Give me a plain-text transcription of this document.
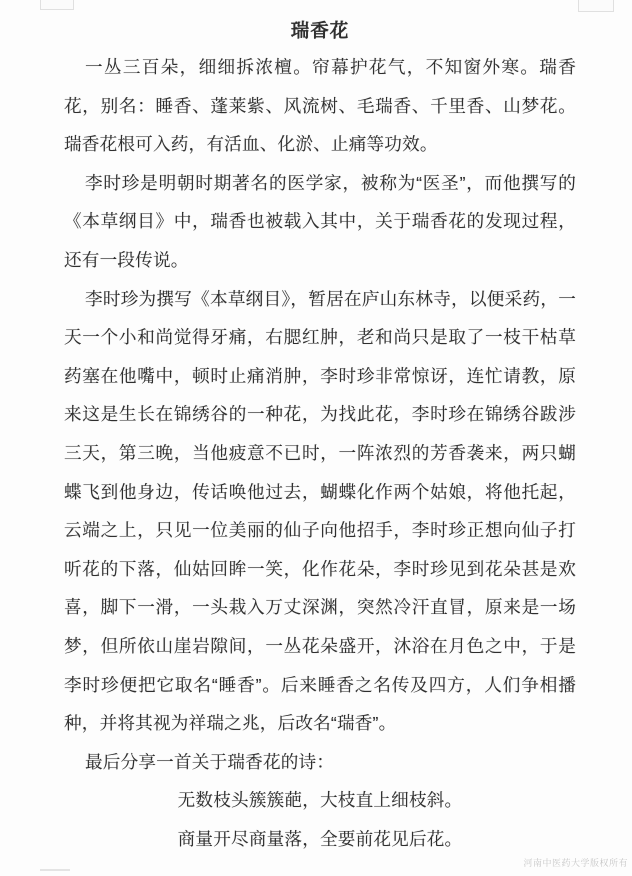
瑞香花

一丛三百朵，细细拆浓檀。帘幕护花气，不知窗外寒。瑞香花，别名：睡香、蓬莱紫、风流树、毛瑞香、千里香、山梦花。瑞香花根可入药，有活血、化淤、止痛等功效。

李时珍是明朝时期著名的医学家，被称为“医圣”，而他撰写的《本草纲目》中，瑞香也被载入其中，关于瑞香花的发现过程，还有一段传说。

李时珍为撰写《本草纲目》，暂居在庐山东林寺，以便采药，一天一个小和尚觉得牙痛，右腮红肿，老和尚只是取了一枝干枯草药塞在他嘴中，顿时止痛消肿，李时珍非常惊讶，连忙请教，原来这是生长在锦绣谷的一种花，为找此花，李时珍在锦绣谷跋涉三天，第三晚，当他疲意不已时，一阵浓烈的芳香袭来，两只蝴蝶飞到他身边，传话唤他过去，蝴蝶化作两个姑娘，将他托起，云端之上，只见一位美丽的仙子向他招手，李时珍正想向仙子打听花的下落，仙姑回眸一笑，化作花朵，李时珍见到花朵甚是欢喜，脚下一滑，一头栽入万丈深渊，突然冷汗直冒，原来是一场梦，但所依山崖岩隙间，一丛花朵盛开，沐浴在月色之中，于是李时珍便把它取名“睡香”。后来睡香之名传及四方，人们争相播种，并将其视为祥瑞之兆，后改名“瑞香”。

最后分享一首关于瑞香花的诗：

无数枝头簇簇葩，大枝直上细枝斜。

商量开尽商量落，全要前花见后花。

河南中医药大学版权所有
